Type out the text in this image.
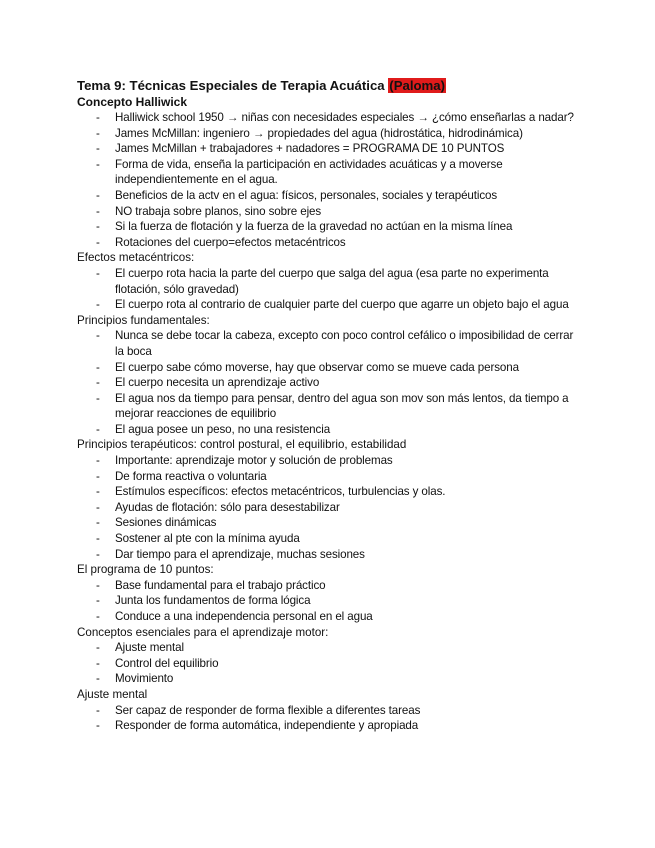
Tema 9: Técnicas Especiales de Terapia Acuática (Paloma)
Concepto Halliwick
- Halliwick school 1950 → niñas con necesidades especiales → ¿cómo enseñarlas a nadar?
- James McMillan: ingeniero → propiedades del agua (hidrostática, hidrodinámica)
- James McMillan + trabajadores + nadadores = PROGRAMA DE 10 PUNTOS
- Forma de vida, enseña la participación en actividades acuáticas y a moverse independientemente en el agua.
- Beneficios de la actv en el agua: físicos, personales, sociales y terapéuticos
- NO trabaja sobre planos, sino sobre ejes
- Si la fuerza de flotación y la fuerza de la gravedad no actúan en la misma línea
- Rotaciones del cuerpo=efectos metacéntricos
Efectos metacéntricos:
- El cuerpo rota hacia la parte del cuerpo que salga del agua (esa parte no experimenta flotación, sólo gravedad)
- El cuerpo rota al contrario de cualquier parte del cuerpo que agarre un objeto bajo el agua
Principios fundamentales:
- Nunca se debe tocar la cabeza, excepto con poco control cefálico o imposibilidad de cerrar la boca
- El cuerpo sabe cómo moverse, hay que observar como se mueve cada persona
- El cuerpo necesita un aprendizaje activo
- El agua nos da tiempo para pensar, dentro del agua son mov son más lentos, da tiempo a mejorar reacciones de equilibrio
- El agua posee un peso, no una resistencia
Principios terapéuticos: control postural, el equilibrio, estabilidad
- Importante: aprendizaje motor y solución de problemas
- De forma reactiva o voluntaria
- Estímulos específicos: efectos metacéntricos, turbulencias y olas.
- Ayudas de flotación: sólo para desestabilizar
- Sesiones dinámicas
- Sostener al pte con la mínima ayuda
- Dar tiempo para el aprendizaje, muchas sesiones
El programa de 10 puntos:
- Base fundamental para el trabajo práctico
- Junta los fundamentos de forma lógica
- Conduce a una independencia personal en el agua
Conceptos esenciales para el aprendizaje motor:
- Ajuste mental
- Control del equilibrio
- Movimiento
Ajuste mental
- Ser capaz de responder de forma flexible a diferentes tareas
- Responder de forma automática, independiente y apropiada
